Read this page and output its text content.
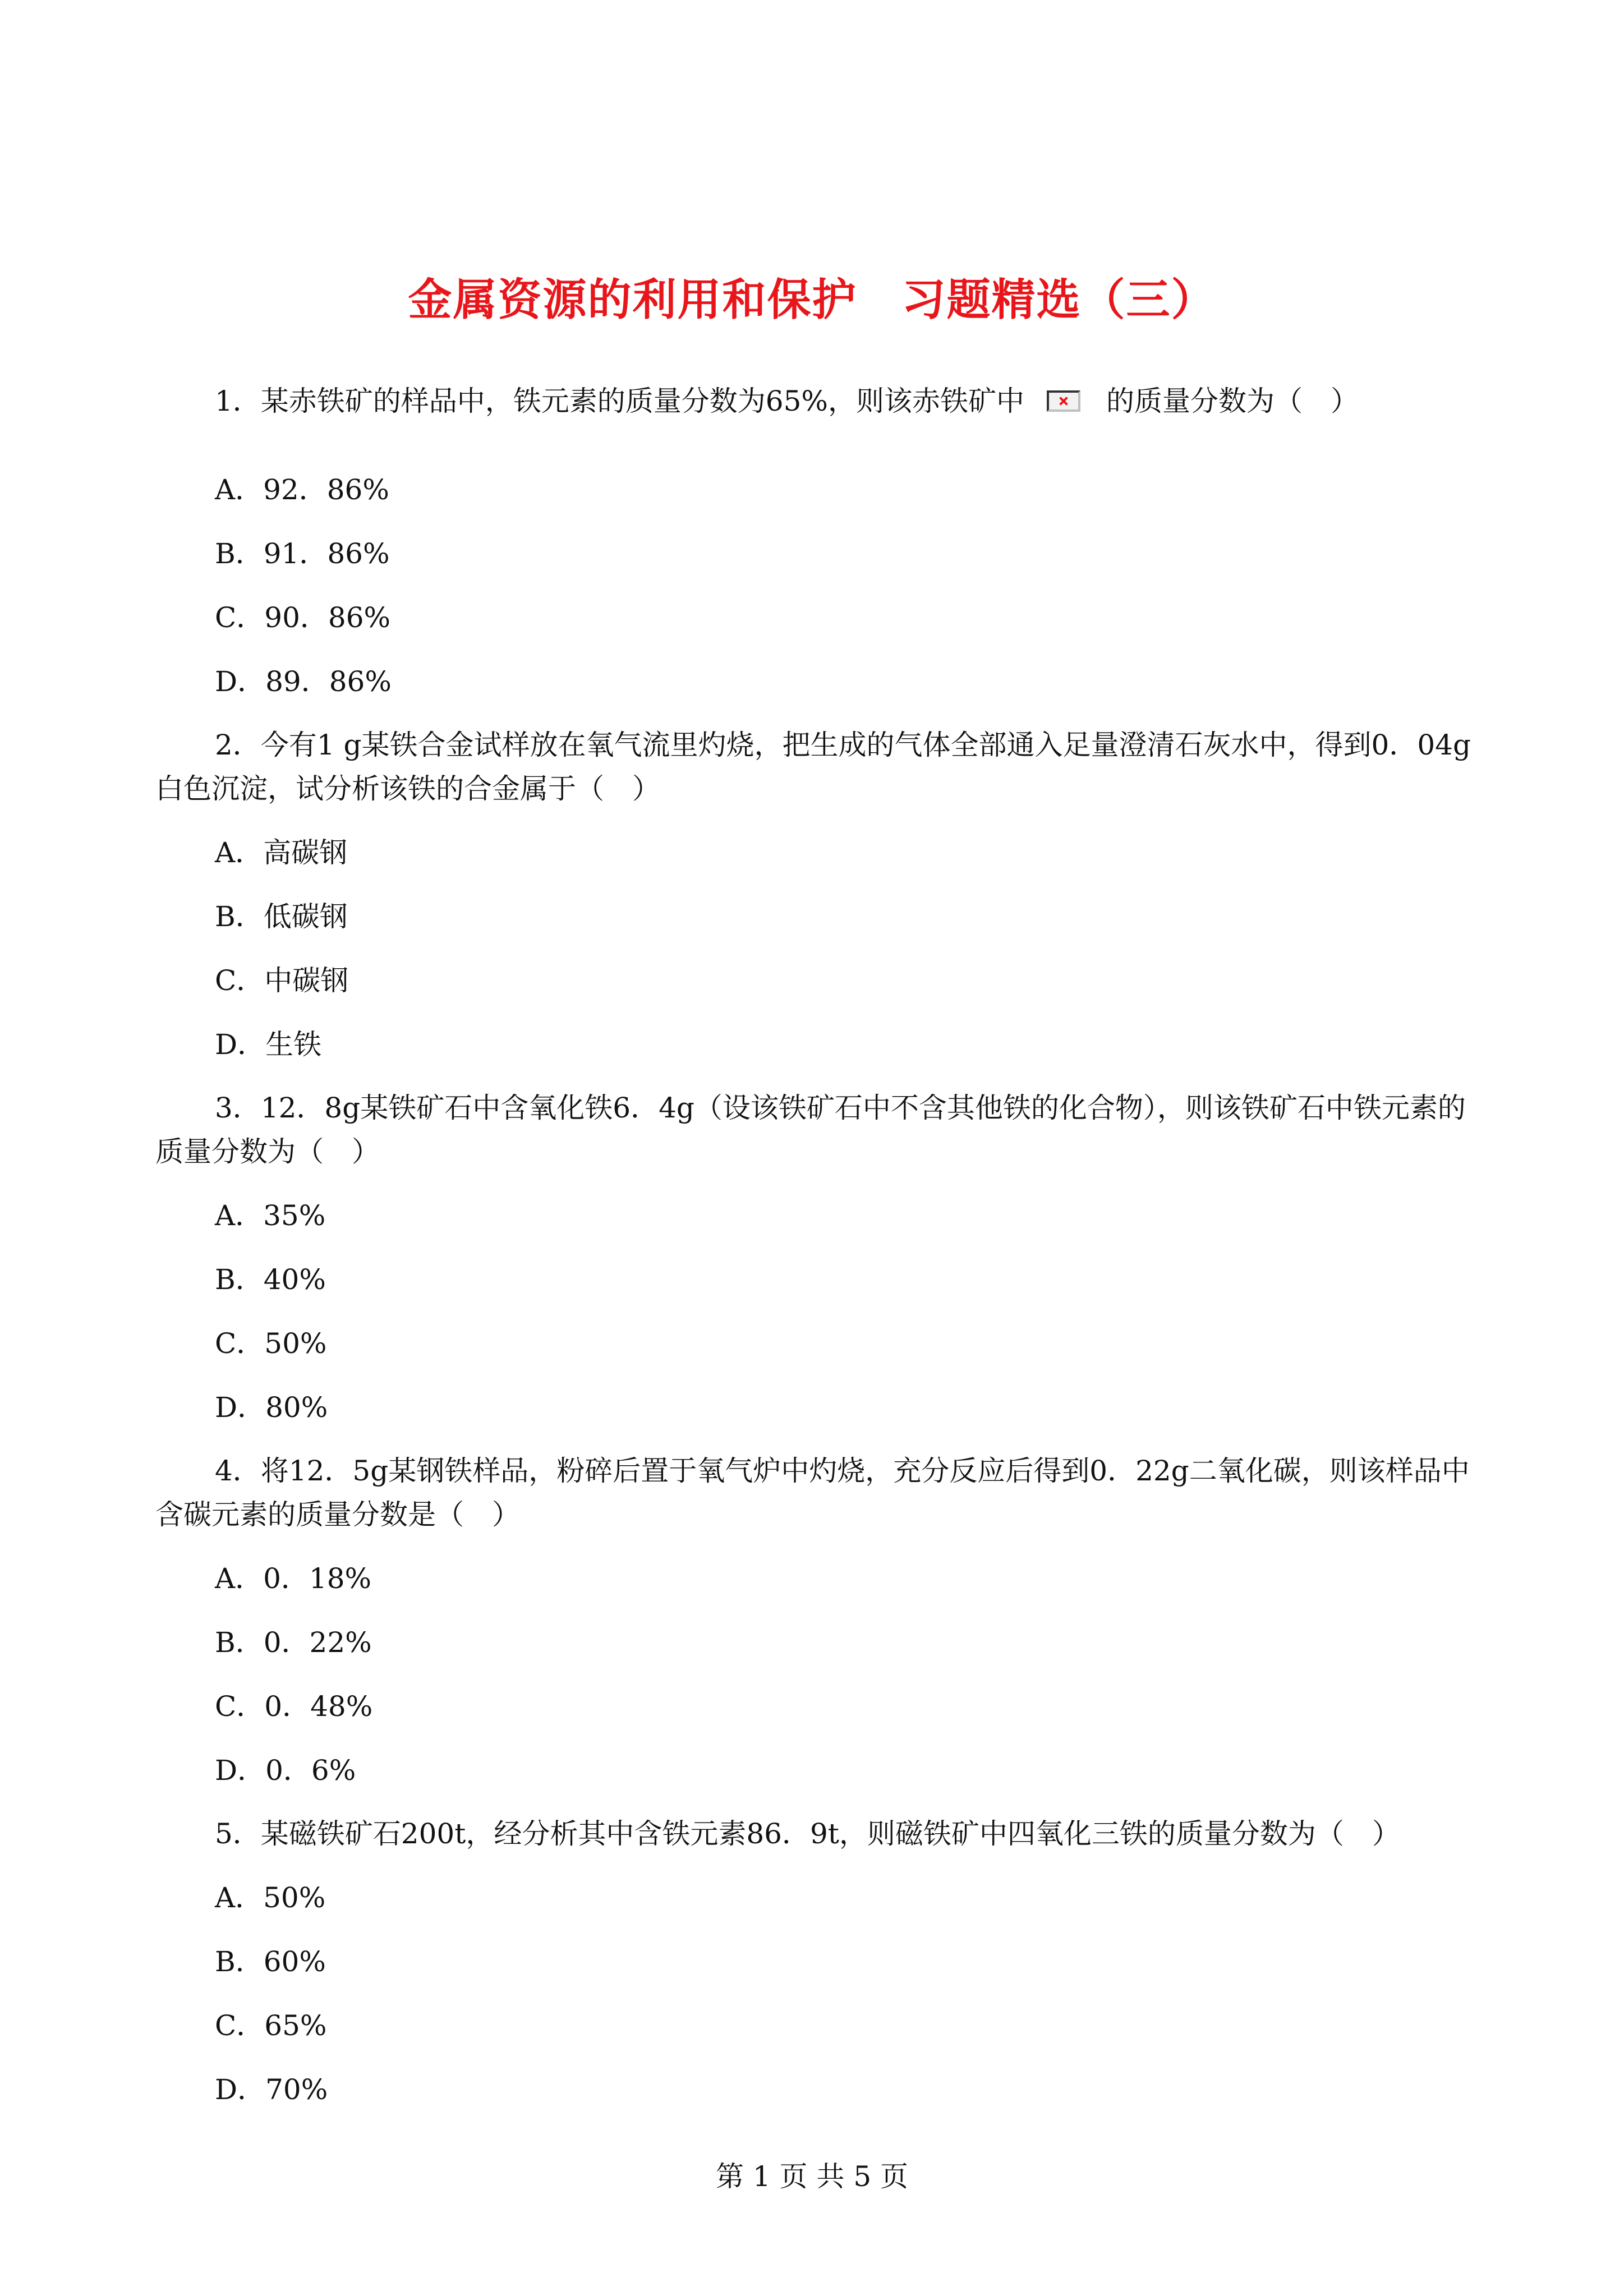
金属资源的利用和保护　习题精选（三）
1．某赤铁矿的样品中，铁元素的质量分数为65%，则该赤铁矿中	的质量分数为（　）
A．92．86%
B．91．86%
C．90．86%
D．89．86%
2．今有1 g某铁合金试样放在氧气流里灼烧，把生成的气体全部通入足量澄清石灰水中，得到0．04g
白色沉淀，试分析该铁的合金属于（　）
A．高碳钢
B．低碳钢
C．中碳钢
D．生铁
3．12．8g某铁矿石中含氧化铁6．4g（设该铁矿石中不含其他铁的化合物），则该铁矿石中铁元素的
质量分数为（　）
A．35%
B．40%
C．50%
D．80%
4．将12．5g某钢铁样品，粉碎后置于氧气炉中灼烧，充分反应后得到0．22g二氧化碳，则该样品中
含碳元素的质量分数是（　）
A．0．18%
B．0．22%
C．0．48%
D．0．6%
5．某磁铁矿石200t，经分析其中含铁元素86．9t，则磁铁矿中四氧化三铁的质量分数为（　）
A．50%
B．60%
C．65%
D．70%
第 1 页 共 5 页
